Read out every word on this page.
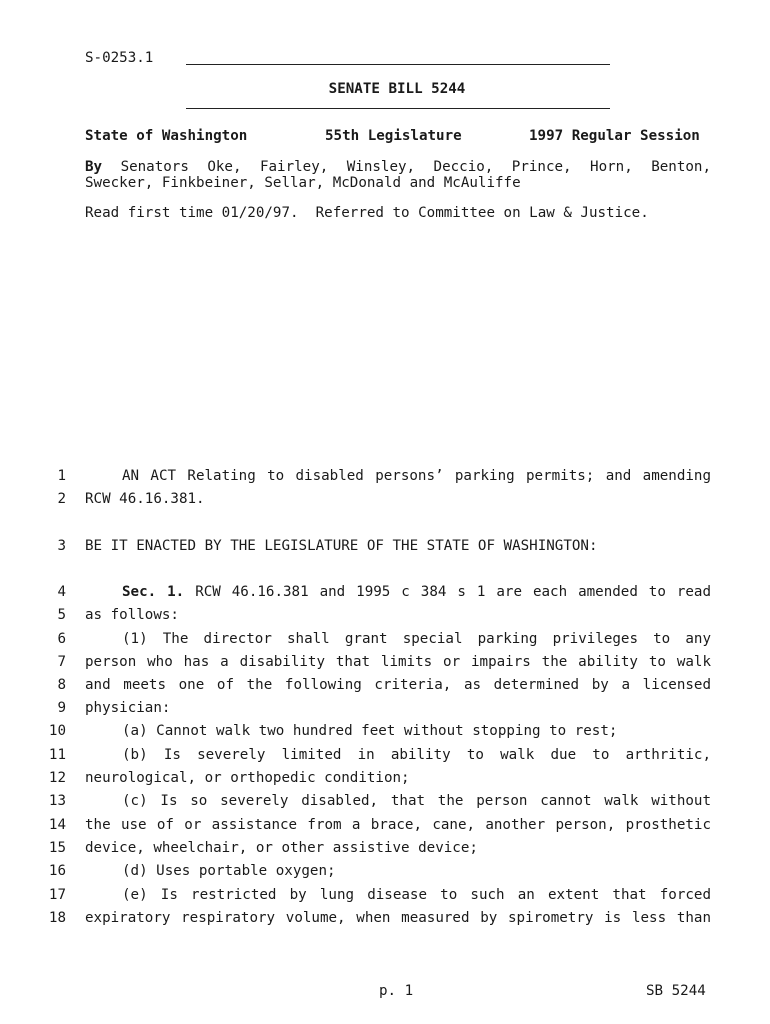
S-0253.1
SENATE BILL 5244
State of Washington	55th Legislature	1997 Regular Session
By Senators Oke, Fairley, Winsley, Deccio, Prince, Horn, Benton,
Swecker, Finkbeiner, Sellar, McDonald and McAuliffe
Read first time 01/20/97.  Referred to Committee on Law & Justice.
1	AN ACT Relating to disabled persons’ parking permits; and amending
2 RCW 46.16.381.
3 BE IT ENACTED BY THE LEGISLATURE OF THE STATE OF WASHINGTON:
4	Sec. 1. RCW 46.16.381 and 1995 c 384 s 1 are each amended to read
5 as follows:
6	(1) The director shall grant special parking privileges to any
7 person who has a disability that limits or impairs the ability to walk
8 and meets one of the following criteria, as determined by a licensed
9 physician:
10	(a) Cannot walk two hundred feet without stopping to rest;
11	(b) Is severely limited in ability to walk due to arthritic,
12 neurological, or orthopedic condition;
13	(c) Is so severely disabled, that the person cannot walk without
14 the use of or assistance from a brace, cane, another person, prosthetic
15 device, wheelchair, or other assistive device;
16	(d) Uses portable oxygen;
17	(e) Is restricted by lung disease to such an extent that forced
18 expiratory respiratory volume, when measured by spirometry is less than
p. 1	SB 5244
